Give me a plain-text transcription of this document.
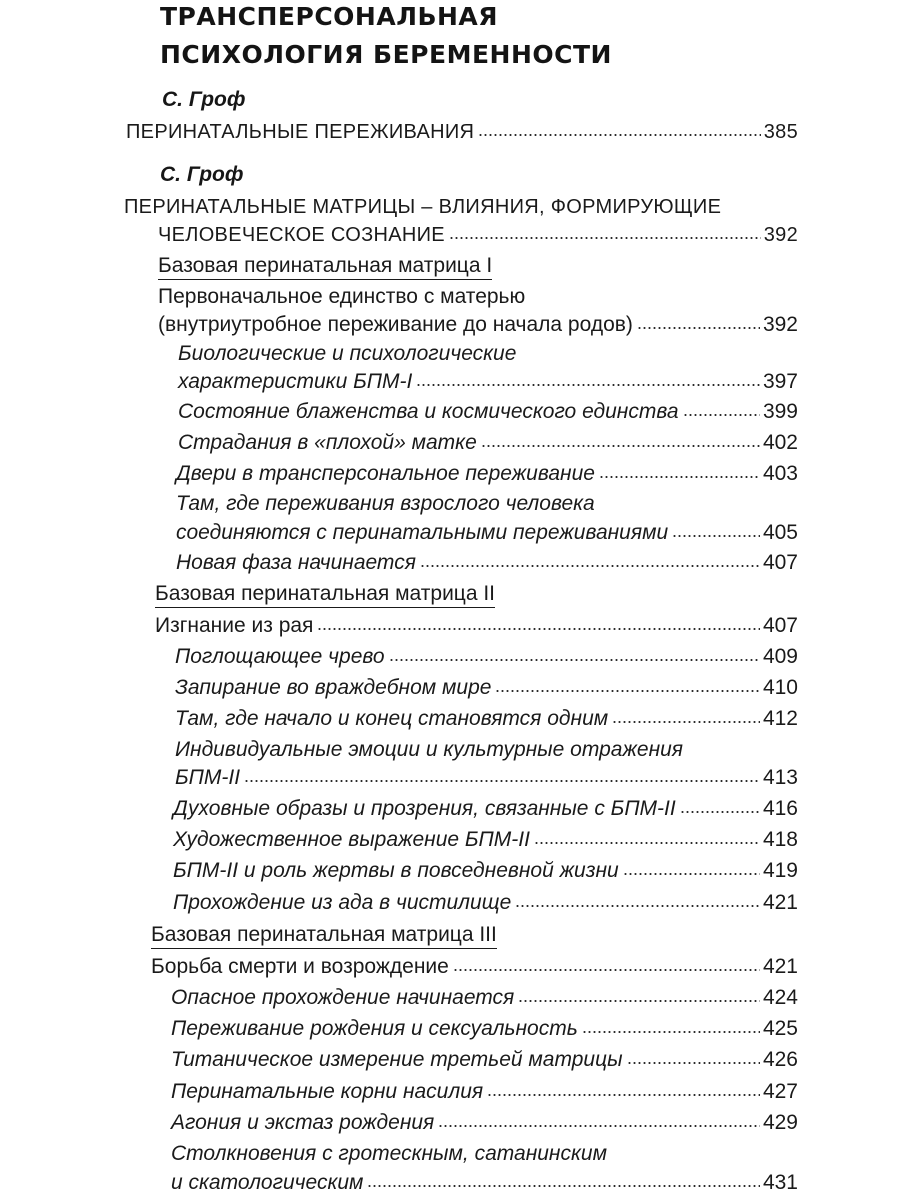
ТРАНСПЕРСОНАЛЬНАЯ
ПСИХОЛОГИЯ БЕРЕМЕННОСТИ
С. Гроф
ПЕРИНАТАЛЬНЫЕ ПЕРЕЖИВАНИЯ	385
С. Гроф
ПЕРИНАТАЛЬНЫЕ МАТРИЦЫ – ВЛИЯНИЯ, ФОРМИРУЮЩИЕ
ЧЕЛОВЕЧЕСКОЕ СОЗНАНИЕ	392
Базовая перинатальная матрица I
Первоначальное единство с матерью
(внутриутробное переживание до начала родов)	392
Биологические и психологические
характеристики БПМ-I	397
Состояние блаженства и космического единства	399
Страдания в «плохой» матке	402
Двери в трансперсональное переживание	403
Там, где переживания взрослого человека
соединяются с перинатальными переживаниями	405
Новая фаза начинается	407
Базовая перинатальная матрица II
Изгнание из рая	407
Поглощающее чрево	409
Запирание во враждебном мире	410
Там, где начало и конец становятся одним	412
Индивидуальные эмоции и культурные отражения
БПМ-II	413
Духовные образы и прозрения, связанные с БПМ-II	416
Художественное выражение БПМ-II	418
БПМ-II и роль жертвы в повседневной жизни	419
Прохождение из ада в чистилище	421
Базовая перинатальная матрица III
Борьба смерти и возрождение	421
Опасное прохождение начинается	424
Переживание рождения и сексуальность	425
Титаническое измерение третьей матрицы	426
Перинатальные корни насилия	427
Агония и экстаз рождения	429
Столкновения с гротескным, сатанинским
и скатологическим	431
